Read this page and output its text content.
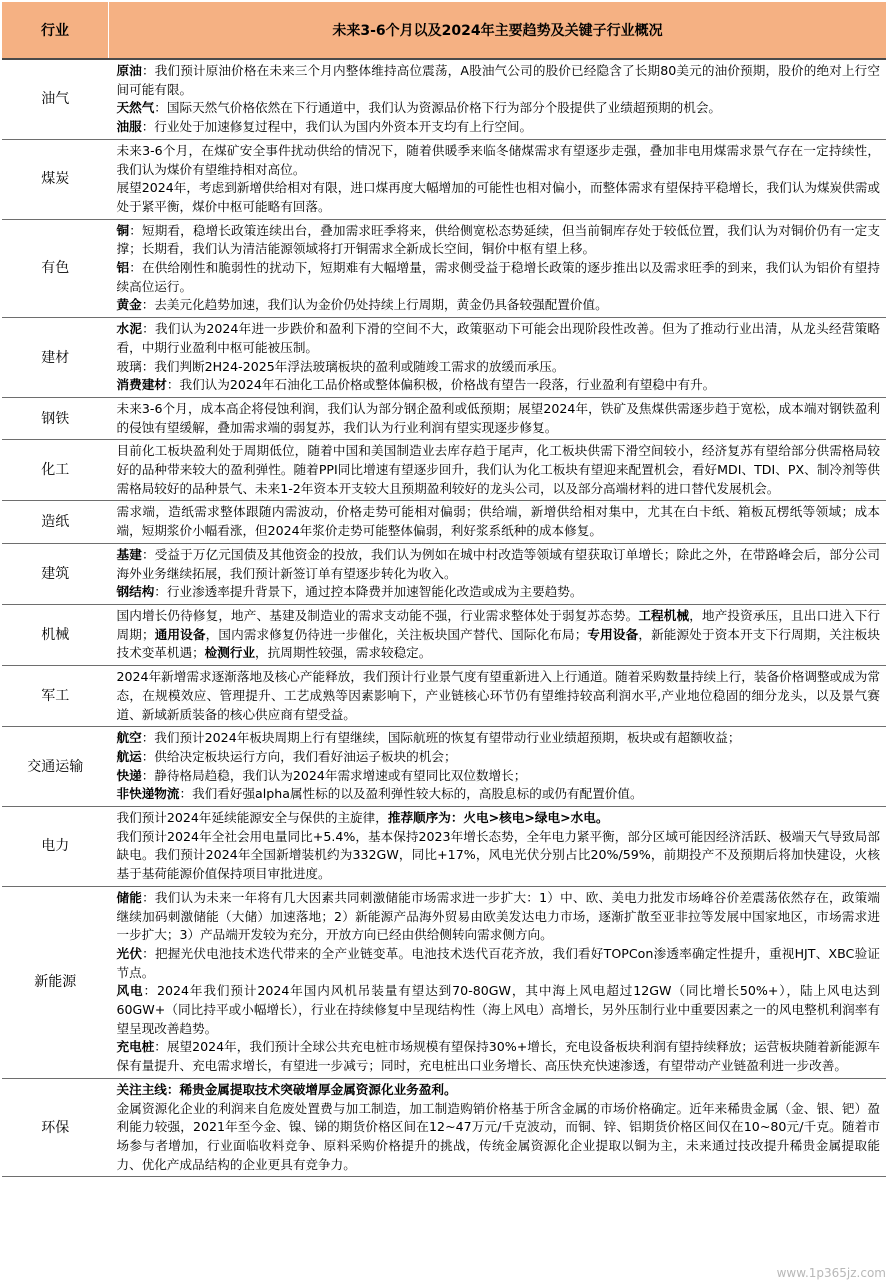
行业	未来3-6个月以及2024年主要趋势及关键子行业概况
油气	原油：我们预计原油价格在未来三个月内整体维持高位震荡，A股油气公司的股价已经隐含了长期80美元的油价预期，股价的绝对上行空间可能有限。

天然气：国际天然气价格依然在下行通道中，我们认为资源品价格下行为部分个股提供了业绩超预期的机会。

油服：行业处于加速修复过程中，我们认为国内外资本开支均有上行空间。

煤炭	未来3-6个月，在煤矿安全事件扰动供给的情况下，随着供暖季来临冬储煤需求有望逐步走强，叠加非电用煤需求景气存在一定持续性，我们认为煤价有望维持相对高位。

展望2024年，考虑到新增供给相对有限，进口煤再度大幅增加的可能性也相对偏小，而整体需求有望保持平稳增长，我们认为煤炭供需或处于紧平衡，煤价中枢可能略有回落。

有色	铜：短期看，稳增长政策连续出台，叠加需求旺季将来，供给侧宽松态势延续，但当前铜库存处于较低位置，我们认为对铜价仍有一定支撑；长期看，我们认为清洁能源领域将打开铜需求全新成长空间，铜价中枢有望上移。

铝：在供给刚性和脆弱性的扰动下，短期难有大幅增量，需求侧受益于稳增长政策的逐步推出以及需求旺季的到来，我们认为铝价有望持续高位运行。

黄金：去美元化趋势加速，我们认为金价仍处持续上行周期，黄金仍具备较强配置价值。

建材	水泥：我们认为2024年进一步跌价和盈利下滑的空间不大，政策驱动下可能会出现阶段性改善。但为了推动行业出清，从龙头经营策略看，中期行业盈利中枢可能被压制。

玻璃：我们判断2H24-2025年浮法玻璃板块的盈利或随竣工需求的放缓而承压。

消费建材：我们认为2024年石油化工品价格或整体偏积极，价格战有望告一段落，行业盈利有望稳中有升。

钢铁	未来3-6个月，成本高企将侵蚀利润，我们认为部分钢企盈利或低预期；展望2024年，铁矿及焦煤供需逐步趋于宽松，成本端对钢铁盈利的侵蚀有望缓解，叠加需求端的弱复苏，我们认为行业利润有望实现逐步修复。

化工	目前化工板块盈利处于周期低位，随着中国和美国制造业去库存趋于尾声，化工板块供需下滑空间较小，经济复苏有望给部分供需格局较好的品种带来较大的盈利弹性。随着PPI同比增速有望逐步回升，我们认为化工板块有望迎来配置机会，看好MDI、TDI、PX、制冷剂等供需格局较好的品种景气、未来1-2年资本开支较大且预期盈利较好的龙头公司，以及部分高端材料的进口替代发展机会。

造纸	需求端，造纸需求整体跟随内需波动，价格走势可能相对偏弱；供给端，新增供给相对集中，尤其在白卡纸、箱板瓦楞纸等领域；成本端，短期浆价小幅看涨，但2024年浆价走势可能整体偏弱，利好浆系纸种的成本修复。

建筑	基建：受益于万亿元国债及其他资金的投放，我们认为例如在城中村改造等领域有望获取订单增长；除此之外，在带路峰会后，部分公司海外业务继续拓展，我们预计新签订单有望逐步转化为收入。

钢结构：行业渗透率提升背景下，通过控本降费并加速智能化改造或成为主要趋势。

机械	国内增长仍待修复，地产、基建及制造业的需求支动能不强，行业需求整体处于弱复苏态势。工程机械，地产投资承压，且出口进入下行周期；通用设备，国内需求修复仍待进一步催化，关注板块国产替代、国际化布局；专用设备，新能源处于资本开支下行周期，关注板块技术变革机遇；检测行业，抗周期性较强，需求较稳定。

军工	2024年新增需求逐渐落地及核心产能释放，我们预计行业景气度有望重新进入上行通道。随着采购数量持续上行，装备价格调整或成为常态，在规模效应、管理提升、工艺成熟等因素影响下，产业链核心环节仍有望维持较高利润水平,产业地位稳固的细分龙头，以及景气赛道、新域新质装备的核心供应商有望受益。

交通运输	航空：我们预计2024年板块周期上行有望继续，国际航班的恢复有望带动行业业绩超预期，板块或有超额收益；

航运：供给决定板块运行方向，我们看好油运子板块的机会；

快递：静待格局趋稳，我们认为2024年需求增速或有望同比双位数增长；

非快递物流：我们看好强alpha属性标的以及盈利弹性较大标的，高股息标的或仍有配置价值。

电力	我们预计2024年延续能源安全与保供的主旋律，推荐顺序为：火电>核电>绿电>水电。

我们预计2024年全社会用电量同比+5.4%，基本保持2023年增长态势，全年电力紧平衡，部分区域可能因经济活跃、极端天气导致局部缺电。我们预计2024年全国新增装机约为332GW，同比+17%，风电光伏分别占比20%/59%，前期投产不及预期后将加快建设，火核基于基荷能源价值保持项目审批进度。

新能源	储能：我们认为未来一年将有几大因素共同刺激储能市场需求进一步扩大：1）中、欧、美电力批发市场峰谷价差震荡依然存在，政策端继续加码刺激储能（大储）加速落地；2）新能源产品海外贸易由欧美发达电力市场，逐渐扩散至亚非拉等发展中国家地区，市场需求进一步扩大；3）产品端开发较为充分，开放方向已经由供给侧转向需求侧方向。

光伏：把握光伏电池技术迭代带来的全产业链变革。电池技术迭代百花齐放，我们看好TOPCon渗透率确定性提升，重视HJT、XBC验证节点。

风电：2024年我们预计2024年国内风机吊装量有望达到70-80GW，其中海上风电超过12GW（同比增长50%+），陆上风电达到60GW+（同比持平或小幅增长），行业在持续修复中呈现结构性（海上风电）高增长，另外压制行业中重要因素之一的风电整机利润率有望呈现改善趋势。

充电桩：展望2024年，我们预计全球公共充电桩市场规模有望保持30%+增长，充电设备板块利润有望持续释放；运营板块随着新能源车保有量提升、充电需求增长，有望进一步减亏；同时，充电桩出口业务增长、高压快充快速渗透，有望带动产业链盈利进一步改善。

环保	关注主线：稀贵金属提取技术突破增厚金属资源化业务盈利。

金属资源化企业的利润来自危废处置费与加工制造，加工制造购销价格基于所含金属的市场价格确定。近年来稀贵金属（金、银、钯）盈利能力较强，2021年至今金、镍、锑的期货价格区间在12~47万元/千克波动，而铜、锌、铝期货价格区间仅在10~80元/千克。随着市场参与者增加，行业面临收料竞争、原料采购价格提升的挑战，传统金属资源化企业提取以铜为主，未来通过技改提升稀贵金属提取能力、优化产成品结构的企业更具有竞争力。

www.1p365jz.com
